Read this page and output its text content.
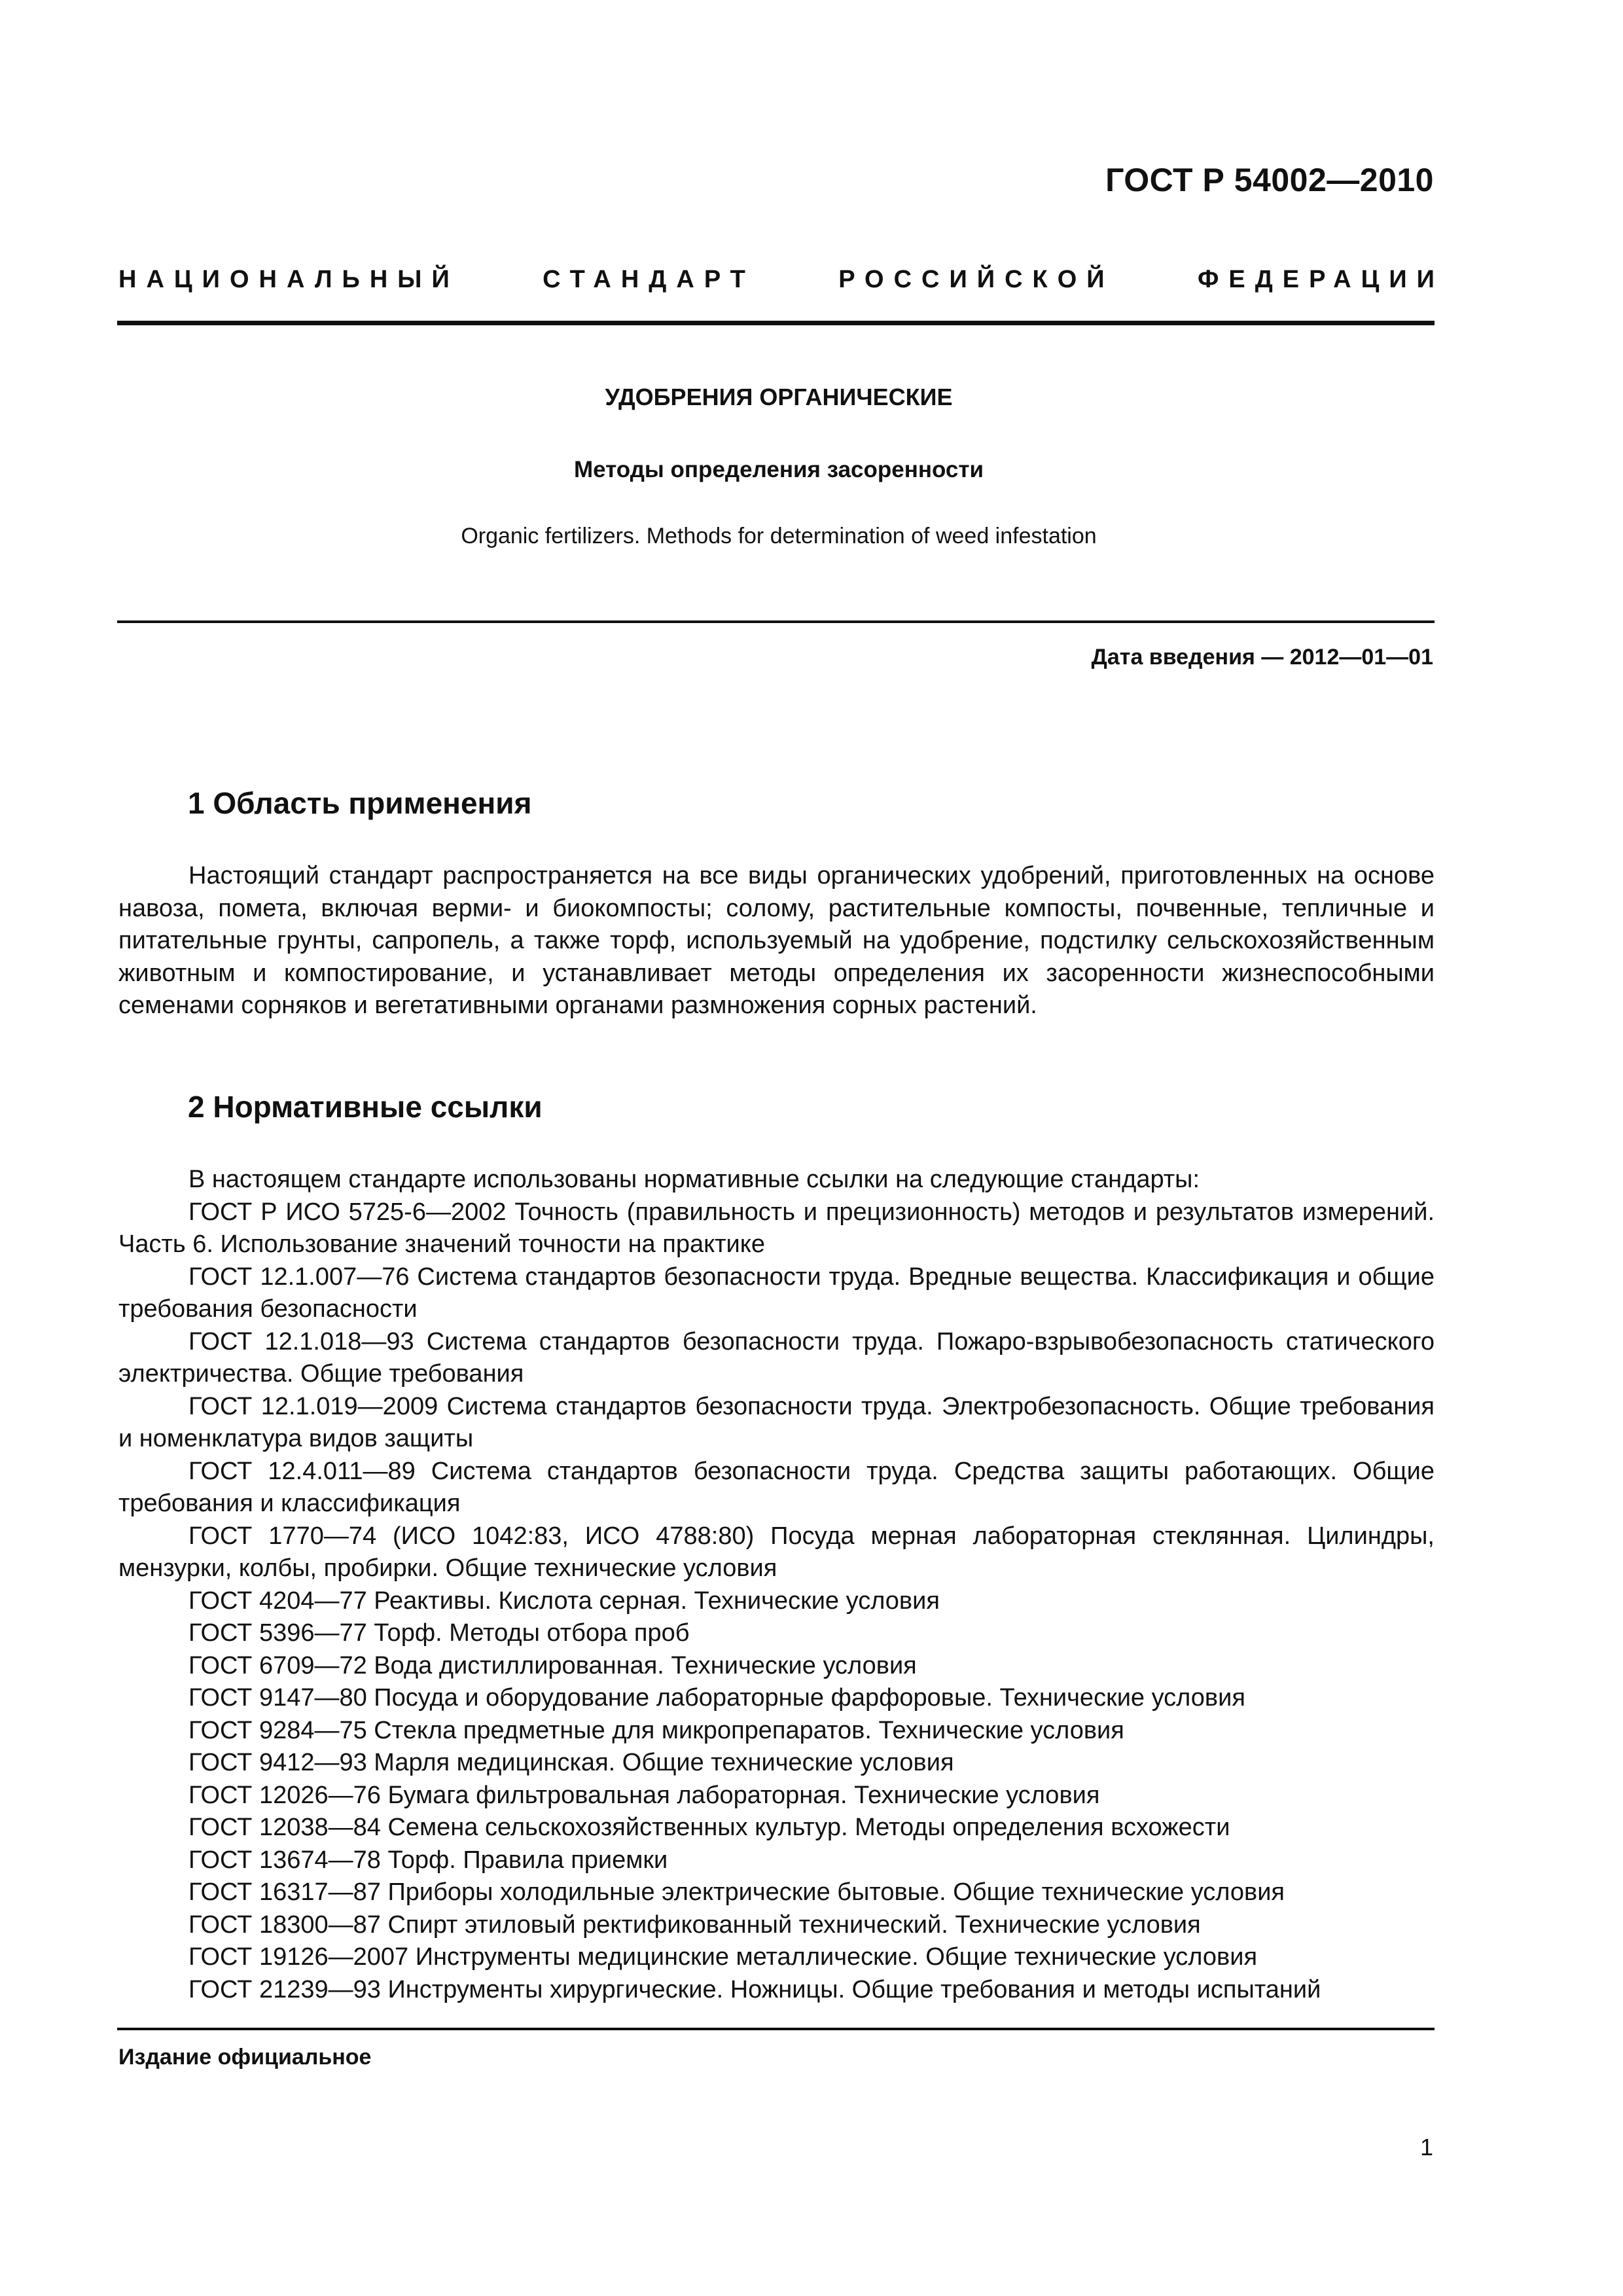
ГОСТ Р 54002—2010
НАЦИОНАЛЬНЫЙ	СТАНДАРТ	РОССИЙСКОЙ	ФЕДЕРАЦИИ
УДОБРЕНИЯ ОРГАНИЧЕСКИЕ
Методы определения засоренности
Organic fertilizers. Methods for determination of weed infestation
Дата введения — 2012—01—01
1 Область применения

Настоящий стандарт распространяется на все виды органических удобрений, приготовленных на основе навоза, помета, включая верми- и биокомпосты; солому, растительные компосты, почвенные, тепличные и питательные грунты, сапропель, а также торф, используемый на удобрение, подстилку сельскохозяйственным животным и компостирование, и устанавливает методы определения их засоренности жизнеспособными семенами сорняков и вегетативными органами размножения сорных растений.

2 Нормативные ссылки

В настоящем стандарте использованы нормативные ссылки на следующие стандарты:

ГОСТ Р ИСО 5725-6—2002 Точность (правильность и прецизионность) методов и результатов измерений. Часть 6. Использование значений точности на практике

ГОСТ 12.1.007—76 Система стандартов безопасности труда. Вредные вещества. Классификация и общие требования безопасности

ГОСТ 12.1.018—93 Система стандартов безопасности труда. Пожаро-взрывобезопасность статического электричества. Общие требования

ГОСТ 12.1.019—2009 Система стандартов безопасности труда. Электробезопасность. Общие требования и номенклатура видов защиты

ГОСТ 12.4.011—89 Система стандартов безопасности труда. Средства защиты работающих. Общие требования и классификация

ГОСТ 1770—74 (ИСО 1042:83, ИСО 4788:80) Посуда мерная лабораторная стеклянная. Цилиндры, мензурки, колбы, пробирки. Общие технические условия

ГОСТ 4204—77 Реактивы. Кислота серная. Технические условия

ГОСТ 5396—77 Торф. Методы отбора проб

ГОСТ 6709—72 Вода дистиллированная. Технические условия

ГОСТ 9147—80 Посуда и оборудование лабораторные фарфоровые. Технические условия

ГОСТ 9284—75 Стекла предметные для микропрепаратов. Технические условия

ГОСТ 9412—93 Марля медицинская. Общие технические условия

ГОСТ 12026—76 Бумага фильтровальная лабораторная. Технические условия

ГОСТ 12038—84 Семена сельскохозяйственных культур. Методы определения всхожести

ГОСТ 13674—78 Торф. Правила приемки

ГОСТ 16317—87 Приборы холодильные электрические бытовые. Общие технические условия

ГОСТ 18300—87 Спирт этиловый ректификованный технический. Технические условия

ГОСТ 19126—2007 Инструменты медицинские металлические. Общие технические условия

ГОСТ 21239—93 Инструменты хирургические. Ножницы. Общие требования и методы испытаний

Издание официальное
1
